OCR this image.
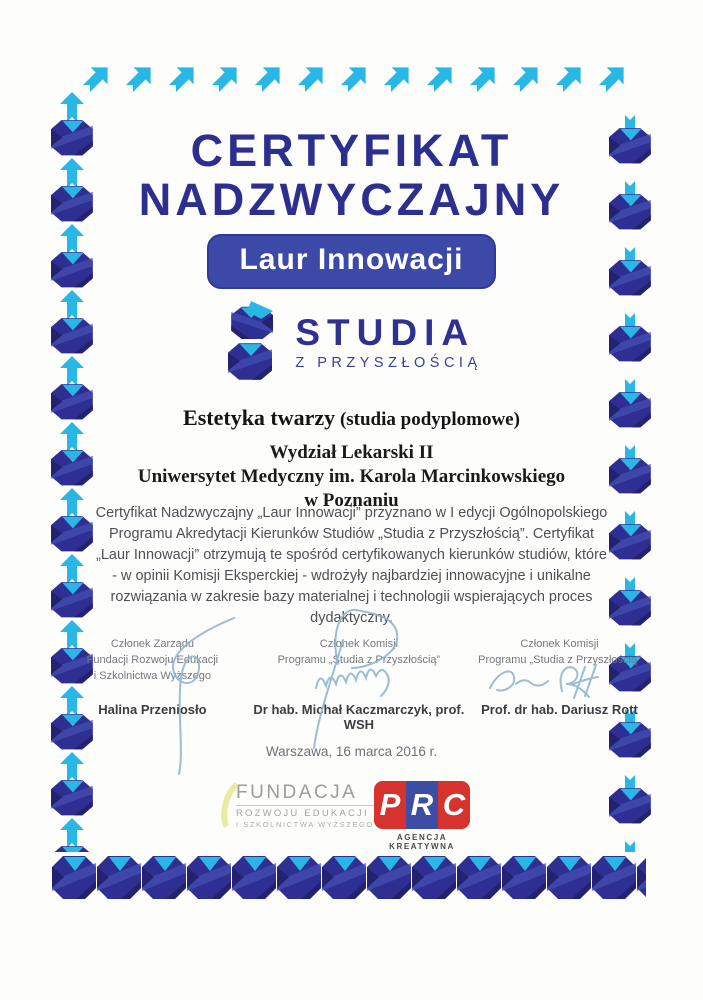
CERTYFIKAT
NADZWYCZAJNY
Laur Innowacji
STUDIA
Z PRZYSZŁOŚCIĄ
Estetyka twarzy (studia podyplomowe)
Wydział Lekarski II
Uniwersytet Medyczny im. Karola Marcinkowskiego
w Poznaniu
Certyfikat Nadzwyczajny „Laur Innowacji” przyznano w I edycji Ogólnopolskiego Programu Akredytacji Kierunków Studiów „Studia z Przyszłością”. Certyfikat „Laur Innowacji” otrzymują te spośród certyfikowanych kierunków studiów, które - w opinii Komisji Eksperckiej - wdrożyły najbardziej innowacyjne i unikalne rozwiązania w zakresie bazy materialnej i technologii wspierających proces dydaktyczny.
Członek Zarządu
Fundacji Rozwoju Edukacji
i Szkolnictwa Wyższego
Halina Przeniosło
Członek Komisji
Programu „Studia z Przyszłością”
Dr hab. Michał Kaczmarczyk, prof. WSH
Członek Komisji
Programu „Studia z Przyszłością”
Prof. dr hab. Dariusz Rott
Warszawa, 16 marca 2016 r.
FUNDACJA
ROZWOJU EDUKACJI
I SZKOLNICTWA WYŻSZEGO
P R C
AGENCJA KREATYWNA
